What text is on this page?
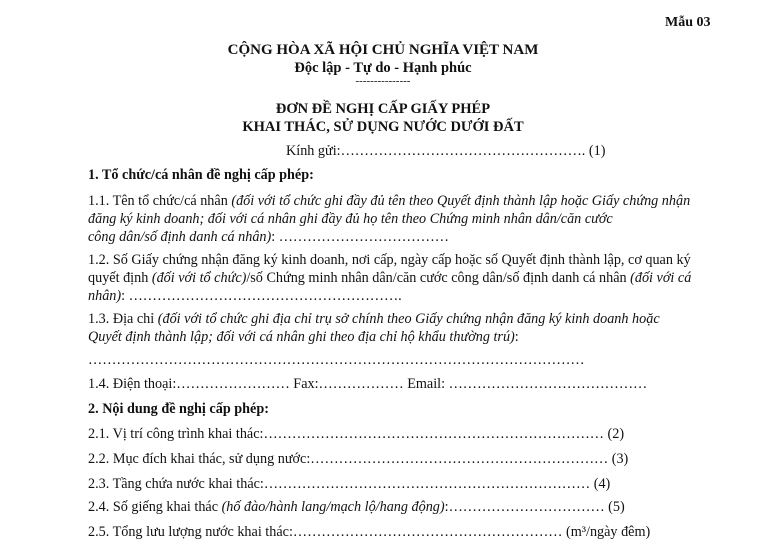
Mẫu 03
CỘNG HÒA XÃ HỘI CHỦ NGHĨA VIỆT NAM
Độc lập - Tự do - Hạnh phúc
---------------
ĐƠN ĐỀ NGHỊ CẤP GIẤY PHÉP
KHAI THÁC, SỬ DỤNG NƯỚC DƯỚI ĐẤT
Kính gửi:……………………………………………. (1)
1. Tổ chức/cá nhân đề nghị cấp phép:
1.1. Tên tổ chức/cá nhân (đối với tổ chức ghi đầy đủ tên theo Quyết định thành lập hoặc Giấy chứng nhận
đăng ký kinh doanh; đối với cá nhân ghi đầy đủ họ tên theo Chứng minh nhân dân/căn cước
công dân/số định danh cá nhân): ………………………………
1.2. Số Giấy chứng nhận đăng ký kinh doanh, nơi cấp, ngày cấp hoặc số Quyết định thành lập, cơ quan ký
quyết định (đối với tổ chức)/số Chứng minh nhân dân/căn cước công dân/số định danh cá nhân (đối với cá
nhân): ………………………………………………….
1.3. Địa chỉ (đối với tổ chức ghi địa chỉ trụ sở chính theo Giấy chứng nhận đăng ký kinh doanh hoặc
Quyết định thành lập; đối với cá nhân ghi theo địa chỉ hộ khẩu thường trú):
……………………………………………………………………………………………
1.4. Điện thoại:…………………… Fax:……………… Email: ……………………………………
2. Nội dung đề nghị cấp phép:
2.1. Vị trí công trình khai thác:……………………………………………………………… (2)
2.2. Mục đích khai thác, sử dụng nước:……………………………………………………… (3)
2.3. Tầng chứa nước khai thác:…………………………………………………………… (4)
2.4. Số giếng khai thác (hố đào/hành lang/mạch lộ/hang động):…………………………… (5)
2.5. Tổng lưu lượng nước khai thác:………………………………………………… (m³/ngày đêm)
